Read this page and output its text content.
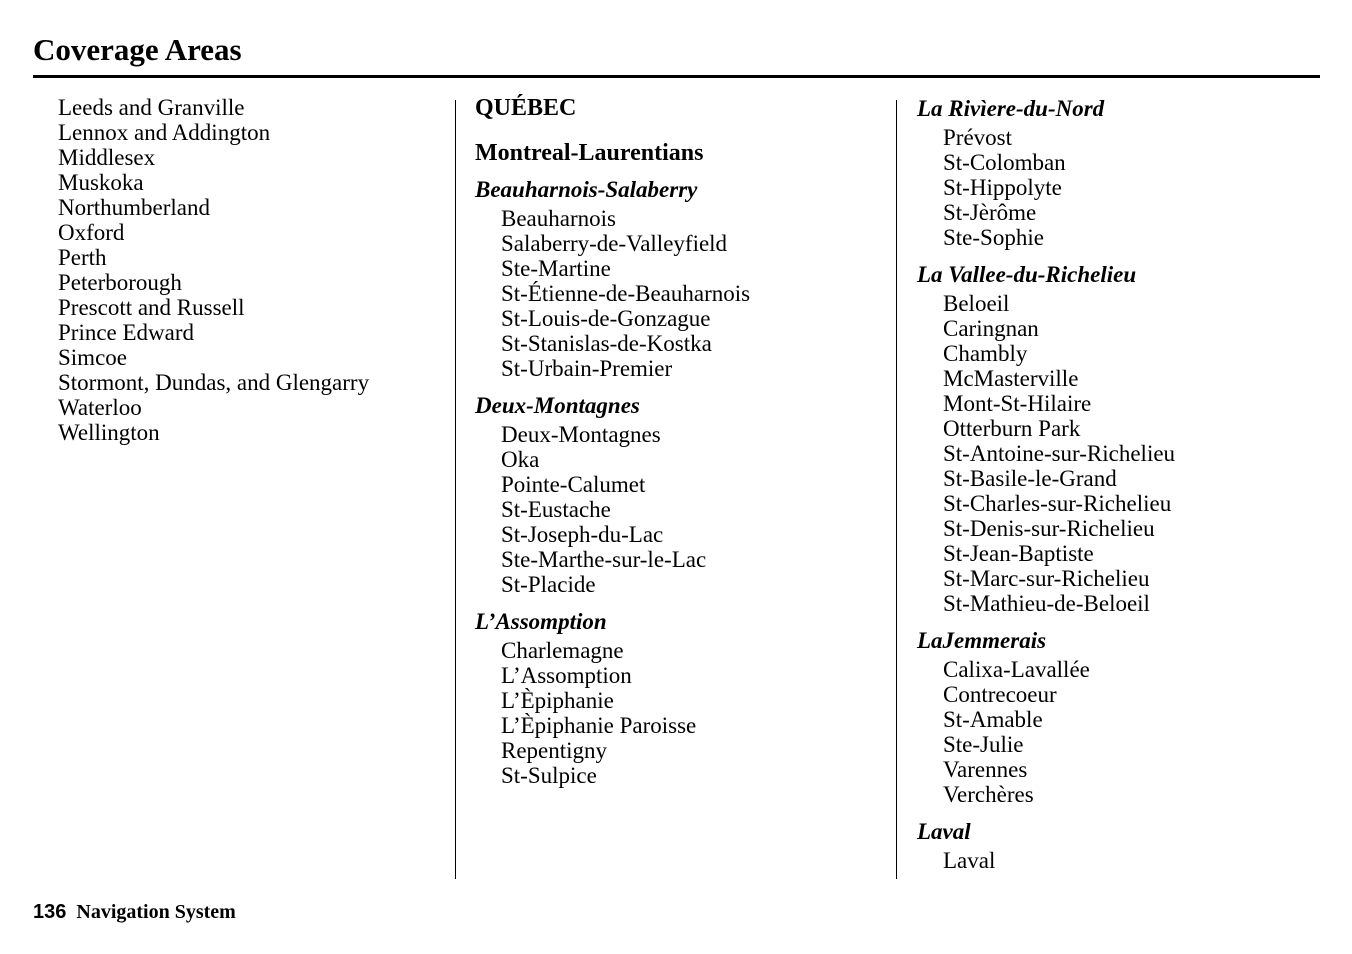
Coverage Areas
Leeds and Granville
Lennox and Addington
Middlesex
Muskoka
Northumberland
Oxford
Perth
Peterborough
Prescott and Russell
Prince Edward
Simcoe
Stormont, Dundas, and Glengarry
Waterloo
Wellington
QUÉBEC
Montreal-Laurentians
Beauharnois-Salaberry
Beauharnois
Salaberry-de-Valleyfield
Ste-Martine
St-Étienne-de-Beauharnois
St-Louis-de-Gonzague
St-Stanislas-de-Kostka
St-Urbain-Premier
Deux-Montagnes
Deux-Montagnes
Oka
Pointe-Calumet
St-Eustache
St-Joseph-du-Lac
Ste-Marthe-sur-le-Lac
St-Placide
L’Assomption
Charlemagne
L’Assomption
L’Èpiphanie
L’Èpiphanie Paroisse
Repentigny
St-Sulpice
La Rivìere-du-Nord
Prévost
St-Colomban
St-Hippolyte
St-Jèrôme
Ste-Sophie
La Vallee-du-Richelieu
Beloeil
Caringnan
Chambly
McMasterville
Mont-St-Hilaire
Otterburn Park
St-Antoine-sur-Richelieu
St-Basile-le-Grand
St-Charles-sur-Richelieu
St-Denis-sur-Richelieu
St-Jean-Baptiste
St-Marc-sur-Richelieu
St-Mathieu-de-Beloeil
LaJemmerais
Calixa-Lavallée
Contrecoeur
St-Amable
Ste-Julie
Varennes
Verchères
Laval
Laval
136 Navigation System
